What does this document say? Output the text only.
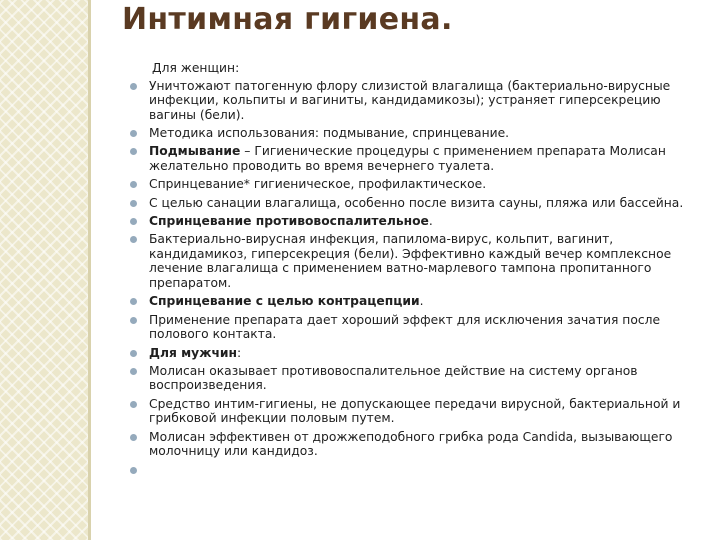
Интимная гигиена.
Для женщин:
Уничтожают патогенную флору слизистой влагалища (бактериально-вирусные инфекции, кольпиты и вагиниты, кандидамикозы); устраняет гиперсекрецию вагины (бели).
Методика использования: подмывание, спринцевание.
Подмывание – Гигиенические процедуры с применением препарата Молисан желательно проводить во время вечернего туалета.
Спринцевание* гигиеническое, профилактическое.
С целью санации влагалища, особенно после визита сауны, пляжа или бассейна.
Спринцевание противовоспалительное.
Бактериально-вирусная инфекция, папилома-вирус, кольпит, вагинит, кандидамикоз, гиперсекреция (бели). Эффективно каждый вечер комплексное лечение влагалища с применением ватно-марлевого тампона пропитанного препаратом.
Спринцевание с целью контрацепции.
Применение препарата дает хороший эффект для исключения зачатия после полового контакта.
Для мужчин:
Молисан оказывает противовоспалительное действие на систему органов воспроизведения.
Средство интим-гигиены, не допускающее передачи вирусной, бактериальной и грибковой инфекции половым путем.
Молисан эффективен от дрожжеподобного грибка рода Candida, вызывающего молочницу или кандидоз.
